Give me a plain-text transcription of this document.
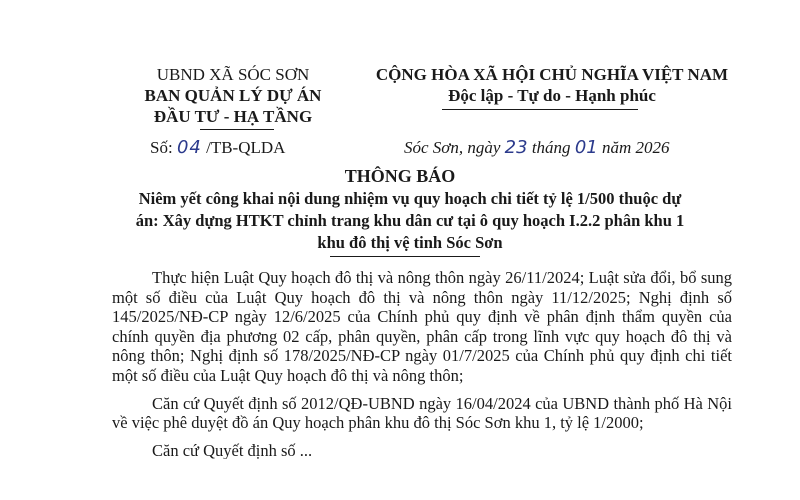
UBND XÃ SÓC SƠN
BAN QUẢN LÝ DỰ ÁN
ĐẦU TƯ - HẠ TẦNG
Số: 04 /TB-QLDA
CỘNG HÒA XÃ HỘI CHỦ NGHĨA VIỆT NAM
Độc lập - Tự do - Hạnh phúc
Sóc Sơn, ngày 23 tháng 01 năm 2026
THÔNG BÁO
Niêm yết công khai nội dung nhiệm vụ quy hoạch chi tiết tỷ lệ 1/500 thuộc dự án: Xây dựng HTKT chỉnh trang khu dân cư tại ô quy hoạch I.2.2 phân khu 1 khu đô thị vệ tinh Sóc Sơn

Thực hiện Luật Quy hoạch đô thị và nông thôn ngày 26/11/2024; Luật sửa đổi, bổ sung một số điều của Luật Quy hoạch đô thị và nông thôn ngày 11/12/2025; Nghị định số 145/2025/NĐ-CP ngày 12/6/2025 của Chính phủ quy định về phân định thẩm quyền của chính quyền địa phương 02 cấp, phân quyền, phân cấp trong lĩnh vực quy hoạch đô thị và nông thôn; Nghị định số 178/2025/NĐ-CP ngày 01/7/2025 của Chính phủ quy định chi tiết một số điều của Luật Quy hoạch đô thị và nông thôn;

Căn cứ Quyết định số 2012/QĐ-UBND ngày 16/04/2024 của UBND thành phố Hà Nội về việc phê duyệt đồ án Quy hoạch phân khu đô thị Sóc Sơn khu 1, tỷ lệ 1/2000;

Căn cứ Quyết định số ...
